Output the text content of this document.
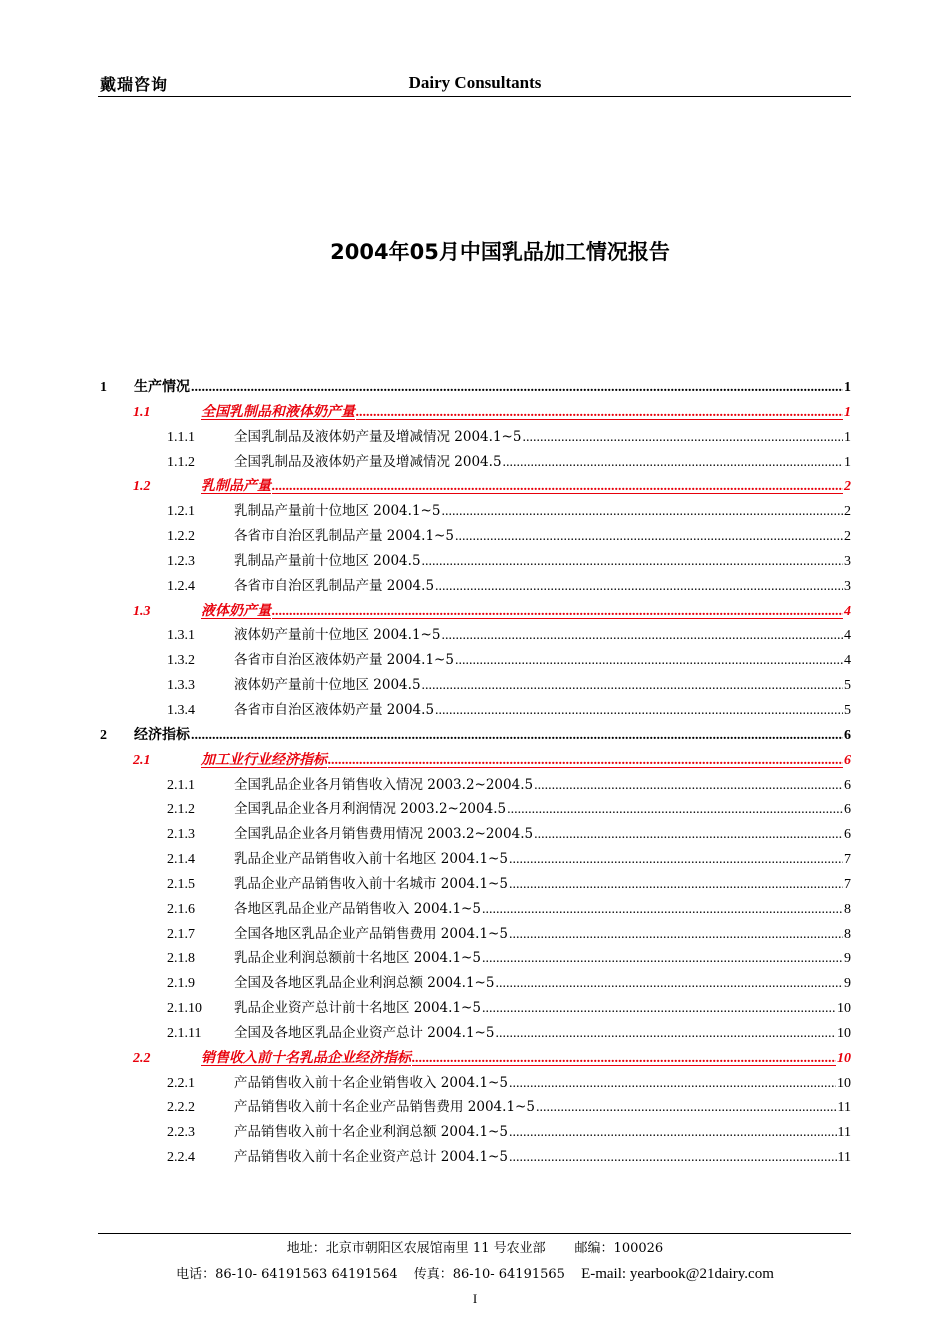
戴瑞咨询	Dairy Consultants
2004年05月中国乳品加工情况报告
1	生产情况 .....	1
1.1	全国乳制品和液体奶产量 .....	1
1.1.1	全国乳制品及液体奶产量及增减情况 2004.1~5 .....	1
1.1.2	全国乳制品及液体奶产量及增减情况 2004.5 .....	1
1.2	乳制品产量 .....	2
1.2.1	乳制品产量前十位地区 2004.1~5 .....	2
1.2.2	各省市自治区乳制品产量 2004.1~5 .....	2
1.2.3	乳制品产量前十位地区 2004.5 .....	3
1.2.4	各省市自治区乳制品产量 2004.5 .....	3
1.3	液体奶产量 .....	4
1.3.1	液体奶产量前十位地区 2004.1~5 .....	4
1.3.2	各省市自治区液体奶产量 2004.1~5 .....	4
1.3.3	液体奶产量前十位地区 2004.5 .....	5
1.3.4	各省市自治区液体奶产量 2004.5 .....	5
2	经济指标 .....	6
2.1	加工业行业经济指标 .....	6
2.1.1	全国乳品企业各月销售收入情况 2003.2~2004.5 .....	6
2.1.2	全国乳品企业各月利润情况 2003.2~2004.5 .....	6
2.1.3	全国乳品企业各月销售费用情况 2003.2~2004.5 .....	6
2.1.4	乳品企业产品销售收入前十名地区 2004.1~5 .....	7
2.1.5	乳品企业产品销售收入前十名城市 2004.1~5 .....	7
2.1.6	各地区乳品企业产品销售收入 2004.1~5 .....	8
2.1.7	全国各地区乳品企业产品销售费用 2004.1~5 .....	8
2.1.8	乳品企业利润总额前十名地区 2004.1~5 .....	9
2.1.9	全国及各地区乳品企业利润总额 2004.1~5 .....	9
2.1.10	乳品企业资产总计前十名地区 2004.1~5 .....	10
2.1.11	全国及各地区乳品企业资产总计 2004.1~5 .....	10
2.2	销售收入前十名乳品企业经济指标 .....	10
2.2.1	产品销售收入前十名企业销售收入 2004.1~5 .....	10
2.2.2	产品销售收入前十名企业产品销售费用 2004.1~5 .....	11
2.2.3	产品销售收入前十名企业利润总额 2004.1~5 .....	11
2.2.4	产品销售收入前十名企业资产总计 2004.1~5 .....	11
地址：北京市朝阳区农展馆南里 11 号农业部 邮编：100026
电话：86-10- 64191563 64191564 传真：86-10- 64191565 E-mail: yearbook@21dairy.com
I
